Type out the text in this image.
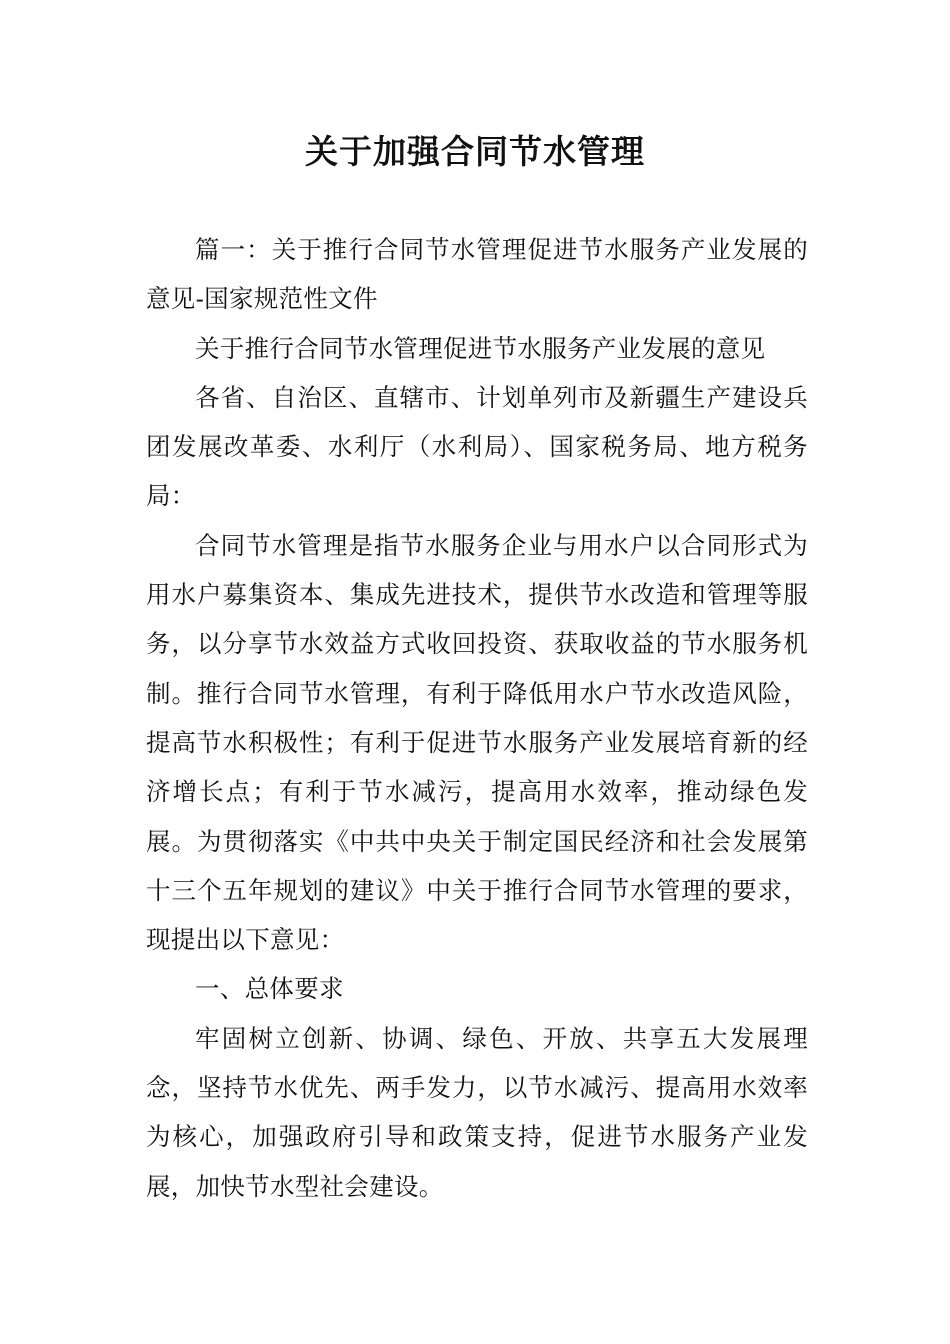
关于加强合同节水管理

篇一：关于推行合同节水管理促进节水服务产业发展的意见-国家规范性文件

关于推行合同节水管理促进节水服务产业发展的意见

各省、自治区、直辖市、计划单列市及新疆生产建设兵团发展改革委、水利厅（水利局）、国家税务局、地方税务局：

合同节水管理是指节水服务企业与用水户以合同形式为用水户募集资本、集成先进技术，提供节水改造和管理等服务，以分享节水效益方式收回投资、获取收益的节水服务机制。推行合同节水管理，有利于降低用水户节水改造风险，提高节水积极性；有利于促进节水服务产业发展培育新的经济增长点；有利于节水减污，提高用水效率，推动绿色发展。为贯彻落实《中共中央关于制定国民经济和社会发展第十三个五年规划的建议》中关于推行合同节水管理的要求，现提出以下意见：

一、总体要求

牢固树立创新、协调、绿色、开放、共享五大发展理念，坚持节水优先、两手发力，以节水减污、提高用水效率为核心，加强政府引导和政策支持，促进节水服务产业发展，加快节水型社会建设。
